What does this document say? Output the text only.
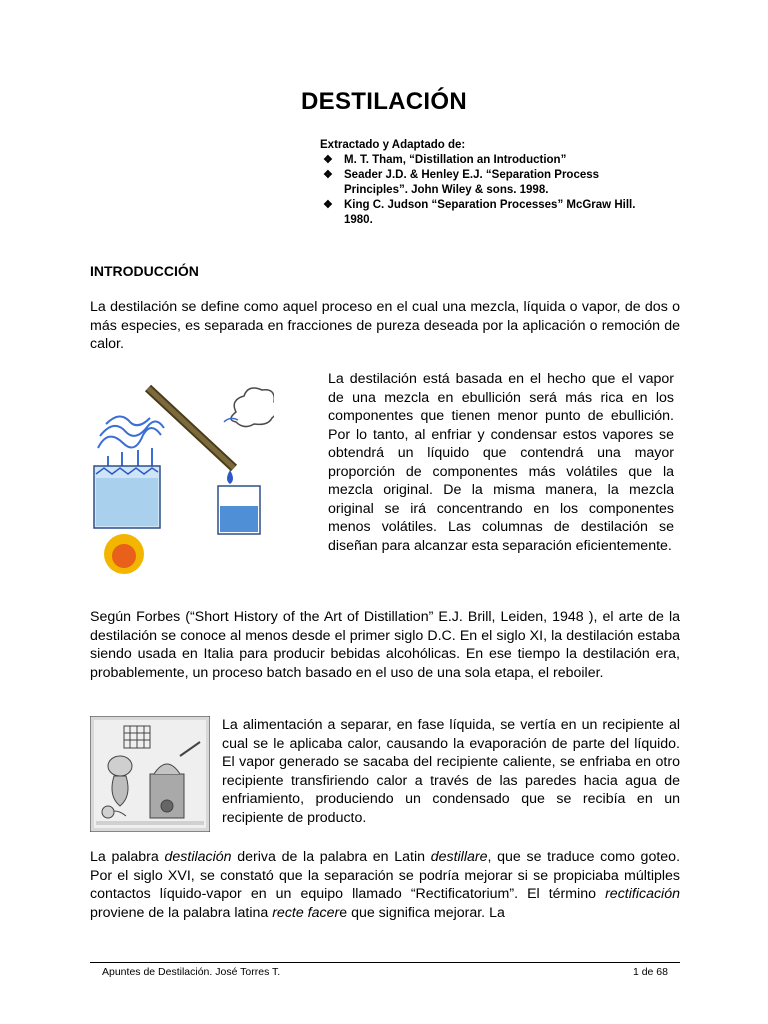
DESTILACIÓN
Extractado y Adaptado de:
❖ M. T. Tham, “Distillation an Introduction”
❖ Seader J.D. & Henley E.J. “Separation Process Principles”. John Wiley & sons. 1998.
❖ King C. Judson “Separation Processes” McGraw Hill. 1980.
INTRODUCCIÓN

La destilación se define como aquel proceso en el cual una mezcla, líquida o vapor, de dos o más especies, es separada en fracciones de pureza deseada por la aplicación o remoción de calor.

La destilación está basada en el hecho que el vapor de una mezcla en ebullición será más rica en los componentes que tienen menor punto de ebullición. Por lo tanto, al enfriar y condensar estos vapores se obtendrá un líquido que contendrá una mayor proporción de componentes más volátiles que la mezcla original. De la misma manera, la mezcla original se irá concentrando en los componentes menos volátiles. Las columnas de destilación se diseñan para alcanzar esta separación eficientemente.

Según Forbes (“Short History of the Art of Distillation” E.J. Brill, Leiden, 1948 ), el arte de la destilación se conoce al menos desde el primer siglo D.C. En el siglo XI, la destilación estaba siendo usada en Italia para producir bebidas alcohólicas. En ese tiempo la destilación era, probablemente, un proceso batch basado en el uso de una sola etapa, el reboiler.

La alimentación a separar, en fase líquida, se vertía en un recipiente al cual se le aplicaba calor, causando la evaporación de parte del líquido. El vapor generado se sacaba del recipiente caliente, se enfriaba en otro recipiente transfiriendo calor a través de las paredes hacia agua de enfriamiento, produciendo un condensado que se recibía en un recipiente de producto.

La palabra destilación deriva de la palabra en Latin destillare, que se traduce como goteo. Por el siglo XVI, se constató que la separación se podría mejorar si se propiciaba múltiples contactos líquido-vapor en un equipo llamado “Rectificatorium”. El término rectificación proviene de la palabra latina recte facere que significa mejorar. La

Apuntes de Destilación. José Torres T.	1 de 68
